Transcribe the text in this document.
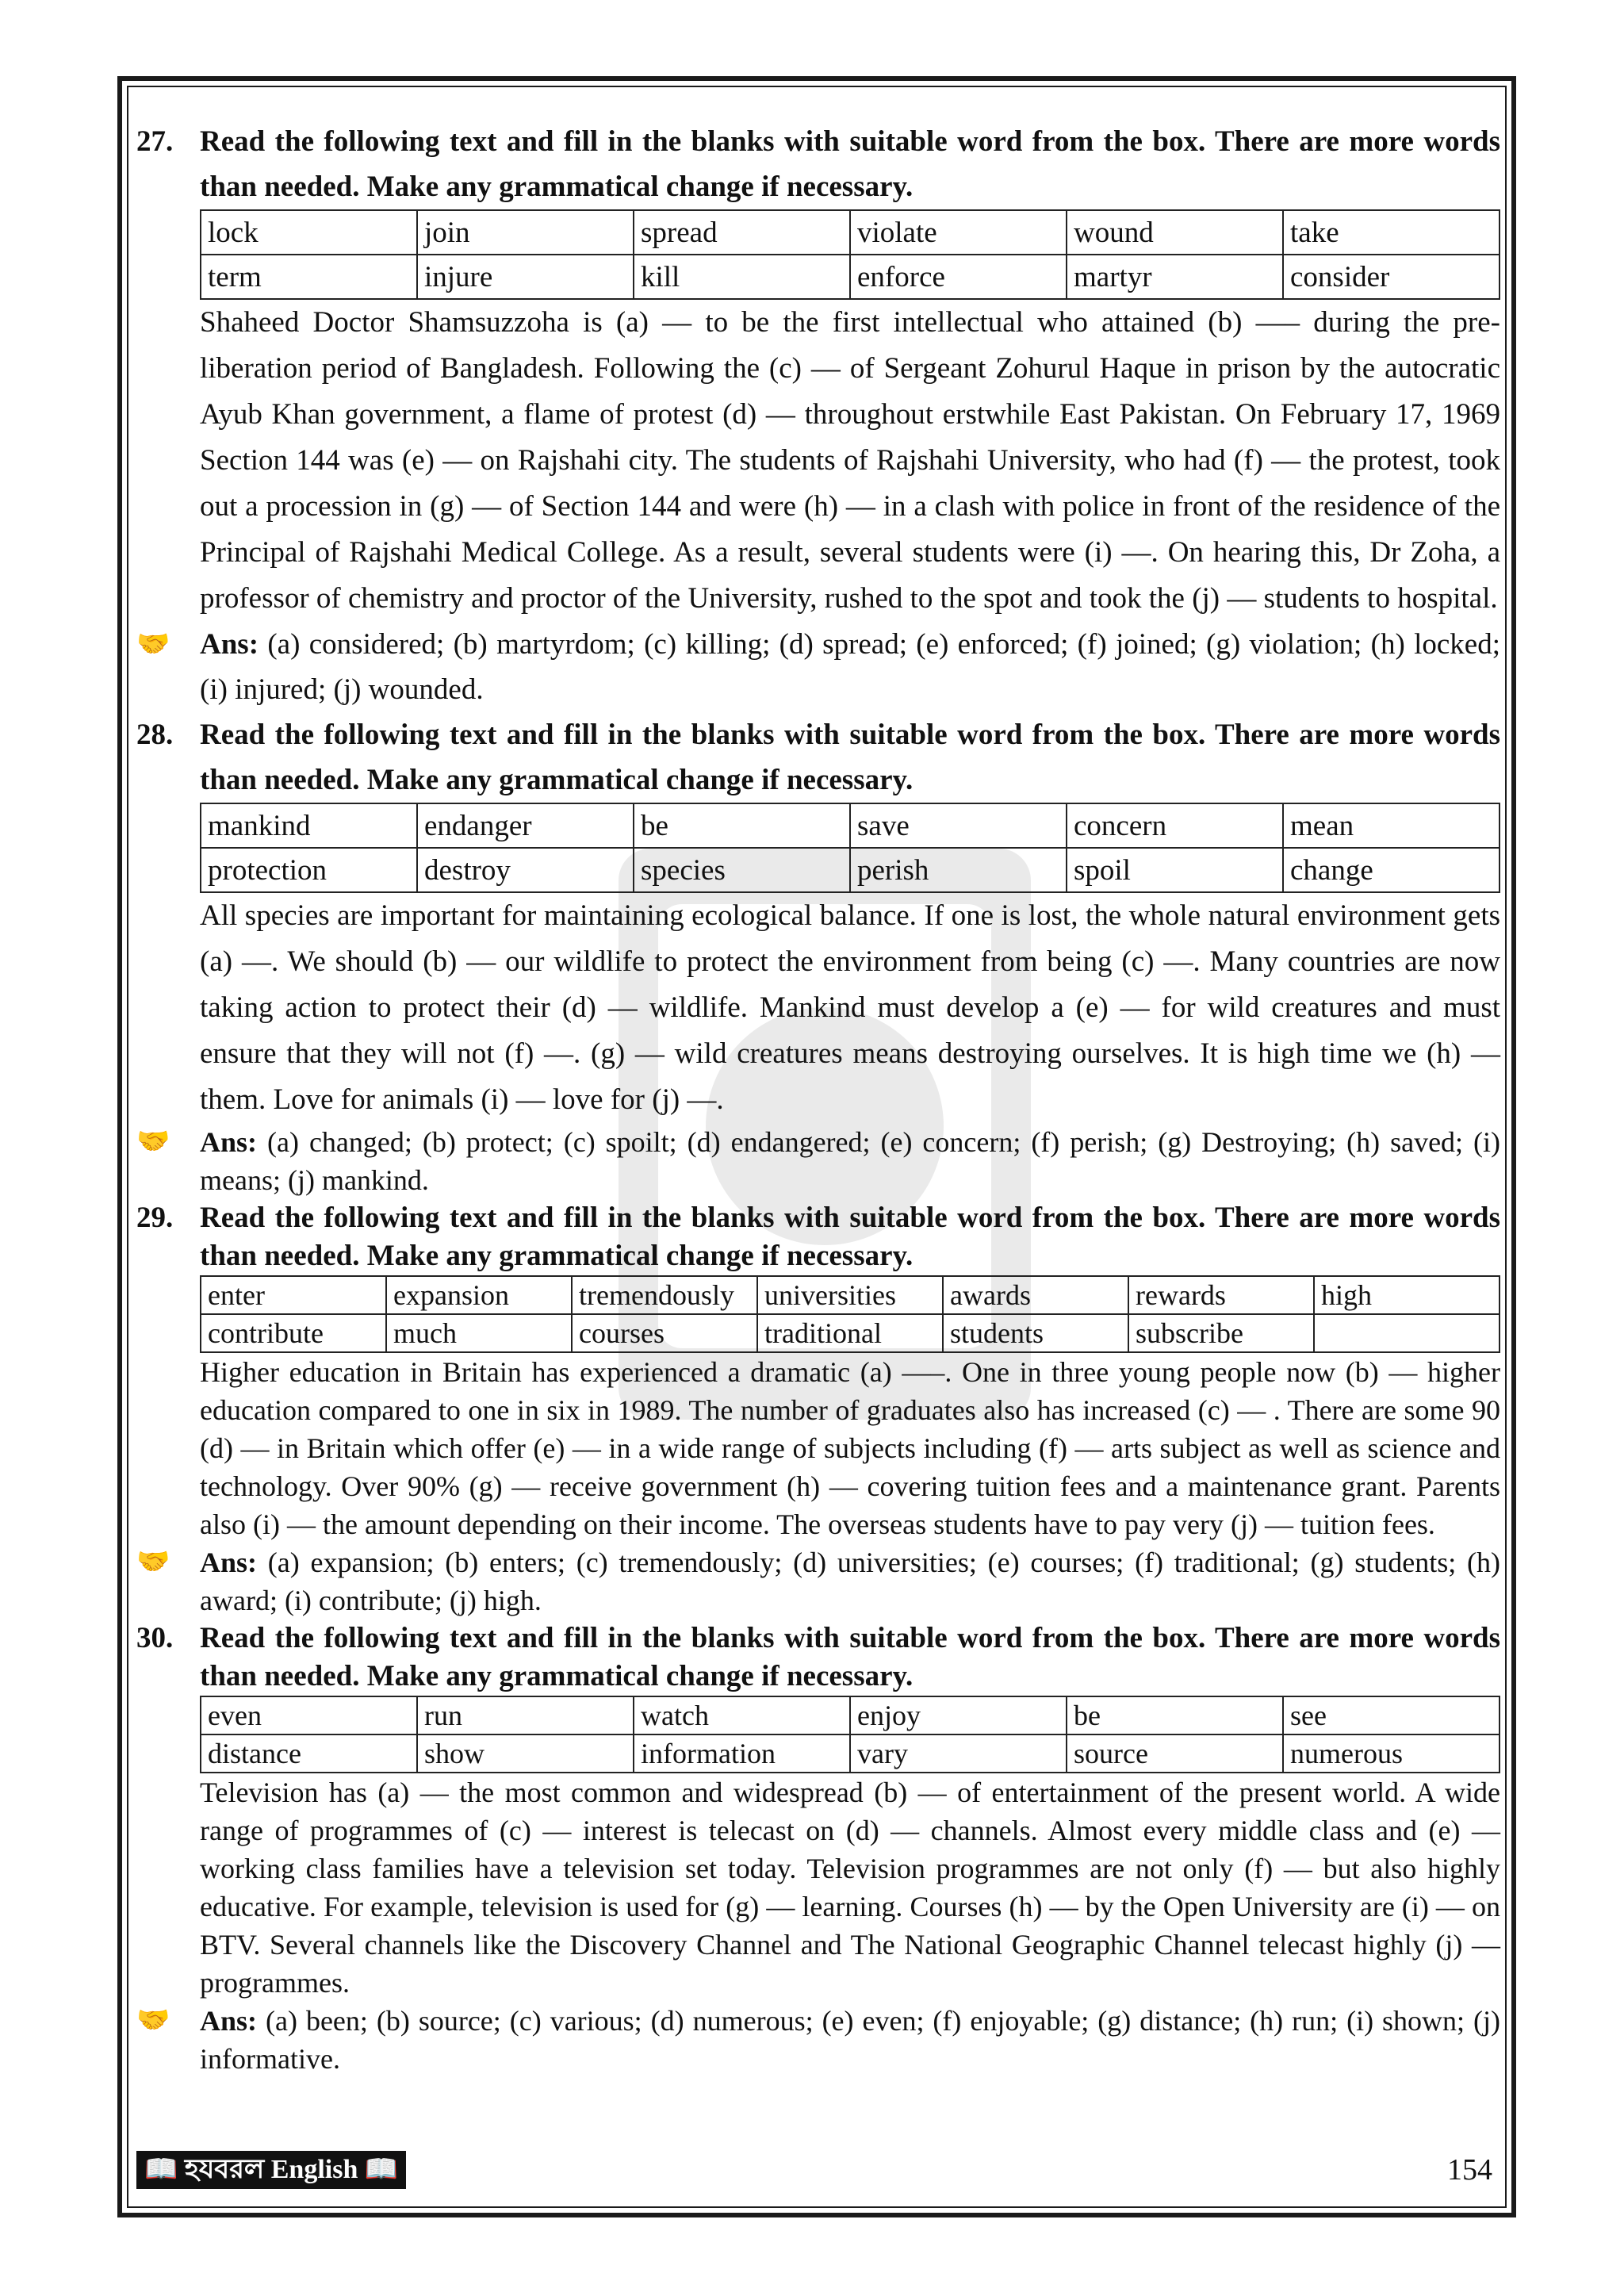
27. Read the following text and fill in the blanks with suitable word from the box. There are more words than needed. Make any grammatical change if necessary.
lock	join	spread	violate	wound	take
term	injure	kill	enforce	martyr	consider
Shaheed Doctor Shamsuzzoha is (a) — to be the first intellectual who attained (b) —– during the pre-liberation period of Bangladesh. Following the (c) — of Sergeant Zohurul Haque in prison by the autocratic Ayub Khan government, a flame of protest (d) — throughout erstwhile East Pakistan. On February 17, 1969 Section 144 was (e) — on Rajshahi city. The students of Rajshahi University, who had (f) — the protest, took out a procession in (g) — of Section 144 and were (h) — in a clash with police in front of the residence of the Principal of Rajshahi Medical College. As a result, several students were (i) —. On hearing this, Dr Zoha, a professor of chemistry and proctor of the University, rushed to the spot and took the (j) — students to hospital.
🤝	Ans: (a) considered; (b) martyrdom; (c) killing; (d) spread; (e) enforced; (f) joined; (g) violation; (h) locked; (i) injured; (j) wounded.
28. Read the following text and fill in the blanks with suitable word from the box. There are more words than needed. Make any grammatical change if necessary.
mankind	endanger	be	save	concern	mean
protection	destroy	species	perish	spoil	change
All species are important for maintaining ecological balance. If one is lost, the whole natural environment gets (a) —. We should (b) — our wildlife to protect the environment from being (c) —. Many countries are now taking action to protect their (d) — wildlife. Mankind must develop a (e) — for wild creatures and must ensure that they will not (f) —. (g) — wild creatures means destroying ourselves. It is high time we (h) — them. Love for animals (i) — love for (j) —.
🤝	Ans: (a) changed; (b) protect; (c) spoilt; (d) endangered; (e) concern; (f) perish; (g) Destroying; (h) saved; (i) means; (j) mankind.
29. Read the following text and fill in the blanks with suitable word from the box. There are more words than needed. Make any grammatical change if necessary.
enter	expansion	tremendously	universities	awards	rewards	high
contribute	much	courses	traditional	students	subscribe	
Higher education in Britain has experienced a dramatic (a) —–. One in three young people now (b) — higher education compared to one in six in 1989. The number of graduates also has increased (c) — . There are some 90 (d) — in Britain which offer (e) — in a wide range of subjects including (f) — arts subject as well as science and technology. Over 90% (g) — receive government (h) — covering tuition fees and a maintenance grant. Parents also (i) — the amount depending on their income. The overseas students have to pay very (j) — tuition fees.
🤝	Ans: (a) expansion; (b) enters; (c) tremendously; (d) universities; (e) courses; (f) traditional; (g) students; (h) award; (i) contribute; (j) high.
30. Read the following text and fill in the blanks with suitable word from the box. There are more words than needed. Make any grammatical change if necessary.
even	run	watch	enjoy	be	see
distance	show	information	vary	source	numerous
Television has (a) — the most common and widespread (b) — of entertainment of the present world. A wide range of programmes of (c) — interest is telecast on (d) — channels. Almost every middle class and (e) — working class families have a television set today. Television programmes are not only (f) — but also highly educative. For example, television is used for (g) — learning. Courses (h) — by the Open University are (i) — on BTV. Several channels like the Discovery Channel and The National Geographic Channel telecast highly (j) — programmes.
🤝	Ans: (a) been; (b) source; (c) various; (d) numerous; (e) even; (f) enjoyable; (g) distance; (h) run; (i) shown; (j) informative.
📖 হযবরল English 📖	154
